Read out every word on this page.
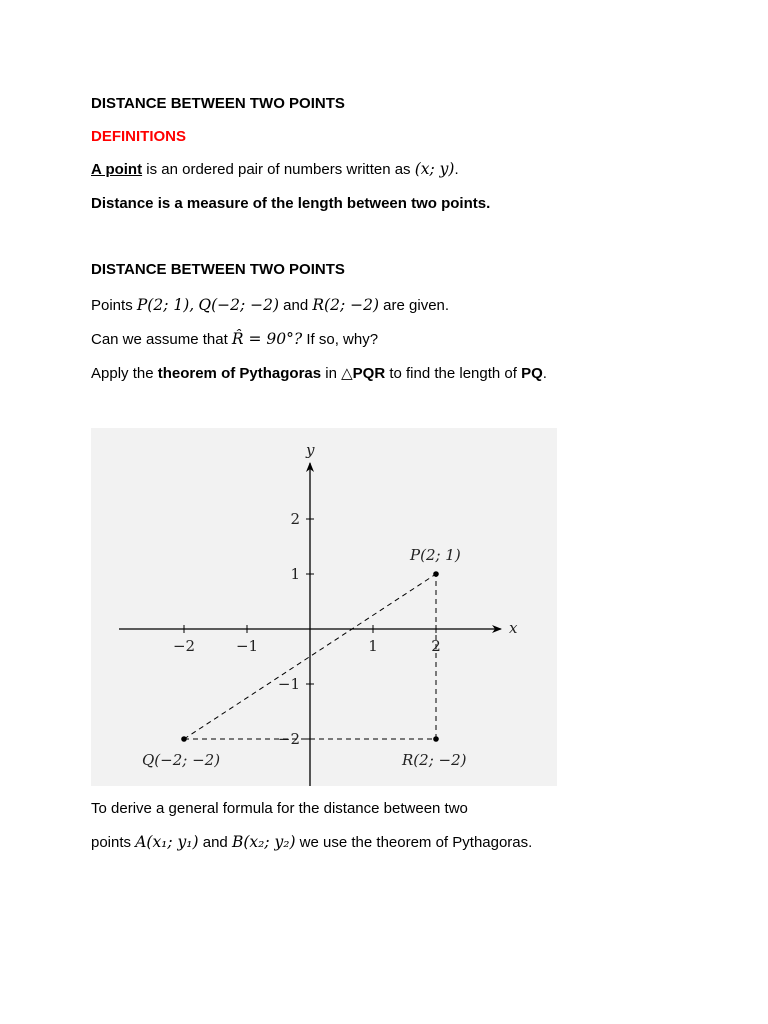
DISTANCE BETWEEN TWO POINTS
DEFINITIONS
A point is an ordered pair of numbers written as (x; y).
Distance is a measure of the length between two points.
DISTANCE BETWEEN TWO POINTS
Points P(2; 1), Q(−2; −2) and R(2; −2) are given.
Can we assume that R̂ = 90°? If so, why?
Apply the theorem of Pythagoras in △PQR to find the length of PQ.
x
y
−2	−1	1	2
2
1
−1
−2
P(2; 1)
Q(−2; −2)	R(2; −2)
To derive a general formula for the distance between two
points A(x₁; y₁) and B(x₂; y₂) we use the theorem of Pythagoras.
